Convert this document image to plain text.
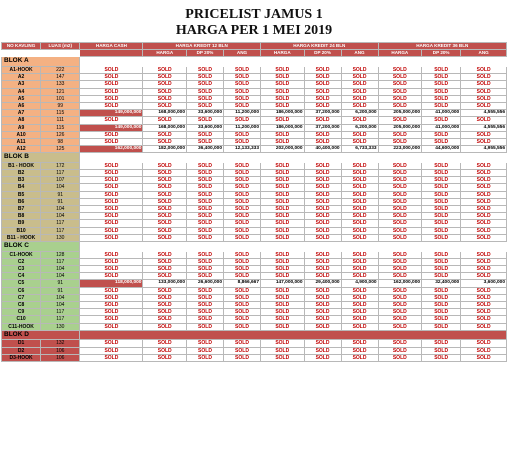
PRICELIST JAMUS 1
HARGA PER 1 MEI 2019
NO KAVLING	LUAS (m2)	HARGA CASH	HARGA KREDIT 12 BLN			HARGA KREDIT 24 BLN			HARGA KREDIT 36 BLN		
			HARGA	DP 20%	ANG	HARGA	DP 20%	ANG	HARGA	DP 20%	ANG
BLOK A											
A1-HOOK	222	SOLD	SOLD	SOLD	SOLD	SOLD	SOLD	SOLD	SOLD	SOLD	SOLD
A2	147	SOLD	SOLD	SOLD	SOLD	SOLD	SOLD	SOLD	SOLD	SOLD	SOLD
A3	133	SOLD	SOLD	SOLD	SOLD	SOLD	SOLD	SOLD	SOLD	SOLD	SOLD
A4	121	SOLD	SOLD	SOLD	SOLD	SOLD	SOLD	SOLD	SOLD	SOLD	SOLD
A5	101	SOLD	SOLD	SOLD	SOLD	SOLD	SOLD	SOLD	SOLD	SOLD	SOLD
A6	99	SOLD	SOLD	SOLD	SOLD	SOLD	SOLD	SOLD	SOLD	SOLD	SOLD
A7	115	149,000,000	168,000,000	33,600,000	11,200,000	186,000,000	37,200,000	6,200,000	205,000,000	41,000,000	4,555,556
A8	111	SOLD	SOLD	SOLD	SOLD	SOLD	SOLD	SOLD	SOLD	SOLD	SOLD
A9	115	149,000,000	168,000,000	33,600,000	11,200,000	186,000,000	37,200,000	6,200,000	205,000,000	41,000,000	4,555,556
A10	126	SOLD	SOLD	SOLD	SOLD	SOLD	SOLD	SOLD	SOLD	SOLD	SOLD
A11	98	SOLD	SOLD	SOLD	SOLD	SOLD	SOLD	SOLD	SOLD	SOLD	SOLD
A12	125	162,000,000	182,000,000	36,400,000	12,133,333	202,000,000	40,400,000	6,733,333	223,000,000	44,600,000	4,955,556
BLOK B											
B1 - HOOK	172	SOLD	SOLD	SOLD	SOLD	SOLD	SOLD	SOLD	SOLD	SOLD	SOLD
B2	117	SOLD	SOLD	SOLD	SOLD	SOLD	SOLD	SOLD	SOLD	SOLD	SOLD
B3	107	SOLD	SOLD	SOLD	SOLD	SOLD	SOLD	SOLD	SOLD	SOLD	SOLD
B4	104	SOLD	SOLD	SOLD	SOLD	SOLD	SOLD	SOLD	SOLD	SOLD	SOLD
B5	91	SOLD	SOLD	SOLD	SOLD	SOLD	SOLD	SOLD	SOLD	SOLD	SOLD
B6	91	SOLD	SOLD	SOLD	SOLD	SOLD	SOLD	SOLD	SOLD	SOLD	SOLD
B7	104	SOLD	SOLD	SOLD	SOLD	SOLD	SOLD	SOLD	SOLD	SOLD	SOLD
B8	104	SOLD	SOLD	SOLD	SOLD	SOLD	SOLD	SOLD	SOLD	SOLD	SOLD
B9	117	SOLD	SOLD	SOLD	SOLD	SOLD	SOLD	SOLD	SOLD	SOLD	SOLD
B10	117	SOLD	SOLD	SOLD	SOLD	SOLD	SOLD	SOLD	SOLD	SOLD	SOLD
B11 - HOOK	130	SOLD	SOLD	SOLD	SOLD	SOLD	SOLD	SOLD	SOLD	SOLD	SOLD
BLOK C											
C1-HOOK	128	SOLD	SOLD	SOLD	SOLD	SOLD	SOLD	SOLD	SOLD	SOLD	SOLD
C2	117	SOLD	SOLD	SOLD	SOLD	SOLD	SOLD	SOLD	SOLD	SOLD	SOLD
C3	104	SOLD	SOLD	SOLD	SOLD	SOLD	SOLD	SOLD	SOLD	SOLD	SOLD
C4	104	SOLD	SOLD	SOLD	SOLD	SOLD	SOLD	SOLD	SOLD	SOLD	SOLD
C5	91	118,000,000	133,000,000	26,600,000	8,866,667	147,000,000	29,400,000	4,900,000	162,000,000	32,400,000	3,600,000
C6	91	SOLD	SOLD	SOLD	SOLD	SOLD	SOLD	SOLD	SOLD	SOLD	SOLD
C7	104	SOLD	SOLD	SOLD	SOLD	SOLD	SOLD	SOLD	SOLD	SOLD	SOLD
C8	104	SOLD	SOLD	SOLD	SOLD	SOLD	SOLD	SOLD	SOLD	SOLD	SOLD
C9	117	SOLD	SOLD	SOLD	SOLD	SOLD	SOLD	SOLD	SOLD	SOLD	SOLD
C10	117	SOLD	SOLD	SOLD	SOLD	SOLD	SOLD	SOLD	SOLD	SOLD	SOLD
C11-HOOK	130	SOLD	SOLD	SOLD	SOLD	SOLD	SOLD	SOLD	SOLD	SOLD	SOLD
BLOK D											
D1	132	SOLD	SOLD	SOLD	SOLD	SOLD	SOLD	SOLD	SOLD	SOLD	SOLD
D2	106	SOLD	SOLD	SOLD	SOLD	SOLD	SOLD	SOLD	SOLD	SOLD	SOLD
D3-HOOK	106	SOLD	SOLD	SOLD	SOLD	SOLD	SOLD	SOLD	SOLD	SOLD	SOLD
